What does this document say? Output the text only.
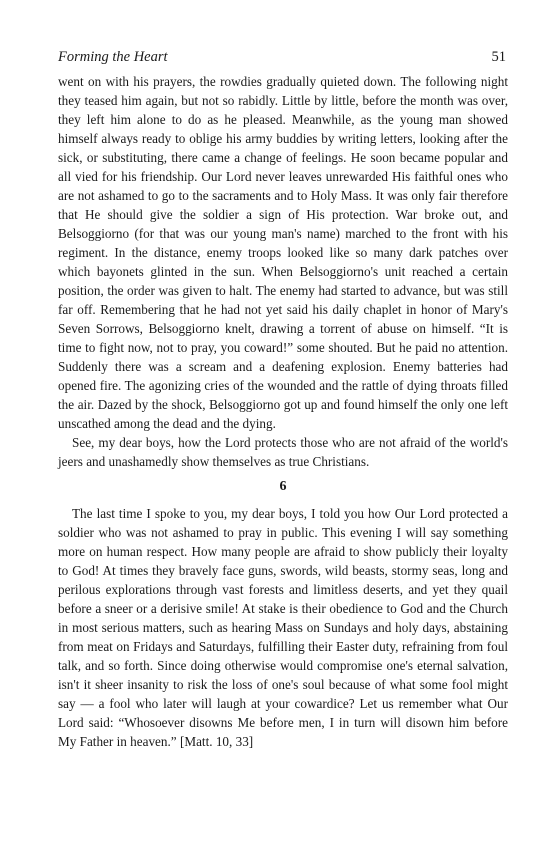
Forming the Heart	51

went on with his prayers, the rowdies gradually quieted down. The following night they teased him again, but not so rabidly. Little by little, before the month was over, they left him alone to do as he pleased. Meanwhile, as the young man showed himself always ready to oblige his army buddies by writing letters, looking after the sick, or substituting, there came a change of feelings. He soon became popular and all vied for his friendship. Our Lord never leaves unrewarded His faithful ones who are not ashamed to go to the sacraments and to Holy Mass. It was only fair therefore that He should give the soldier a sign of His protection. War broke out, and Belsoggiorno (for that was our young man's name) marched to the front with his regiment. In the distance, enemy troops looked like so many dark patches over which bayonets glinted in the sun. When Belsoggiorno's unit reached a certain position, the order was given to halt. The enemy had started to advance, but was still far off. Remembering that he had not yet said his daily chaplet in honor of Mary's Seven Sorrows, Belsoggiorno knelt, drawing a torrent of abuse on himself. “It is time to fight now, not to pray, you coward!” some shouted. But he paid no attention. Suddenly there was a scream and a deafening explosion. Enemy batteries had opened fire. The agonizing cries of the wounded and the rattle of dying throats filled the air. Dazed by the shock, Belsoggiorno got up and found himself the only one left unscathed among the dead and the dying.

See, my dear boys, how the Lord protects those who are not afraid of the world's jeers and unashamedly show themselves as true Christians.

6

The last time I spoke to you, my dear boys, I told you how Our Lord protected a soldier who was not ashamed to pray in public. This evening I will say something more on human respect. How many people are afraid to show publicly their loyalty to God! At times they bravely face guns, swords, wild beasts, stormy seas, long and perilous explorations through vast forests and limitless deserts, and yet they quail before a sneer or a derisive smile! At stake is their obedience to God and the Church in most serious matters, such as hearing Mass on Sundays and holy days, abstaining from meat on Fridays and Saturdays, fulfilling their Easter duty, refraining from foul talk, and so forth. Since doing otherwise would compromise one's eternal salvation, isn't it sheer insanity to risk the loss of one's soul because of what some fool might say — a fool who later will laugh at your cowardice? Let us remember what Our Lord said: “Whosoever disowns Me before men, I in turn will disown him before My Father in heaven.” [Matt. 10, 33]
